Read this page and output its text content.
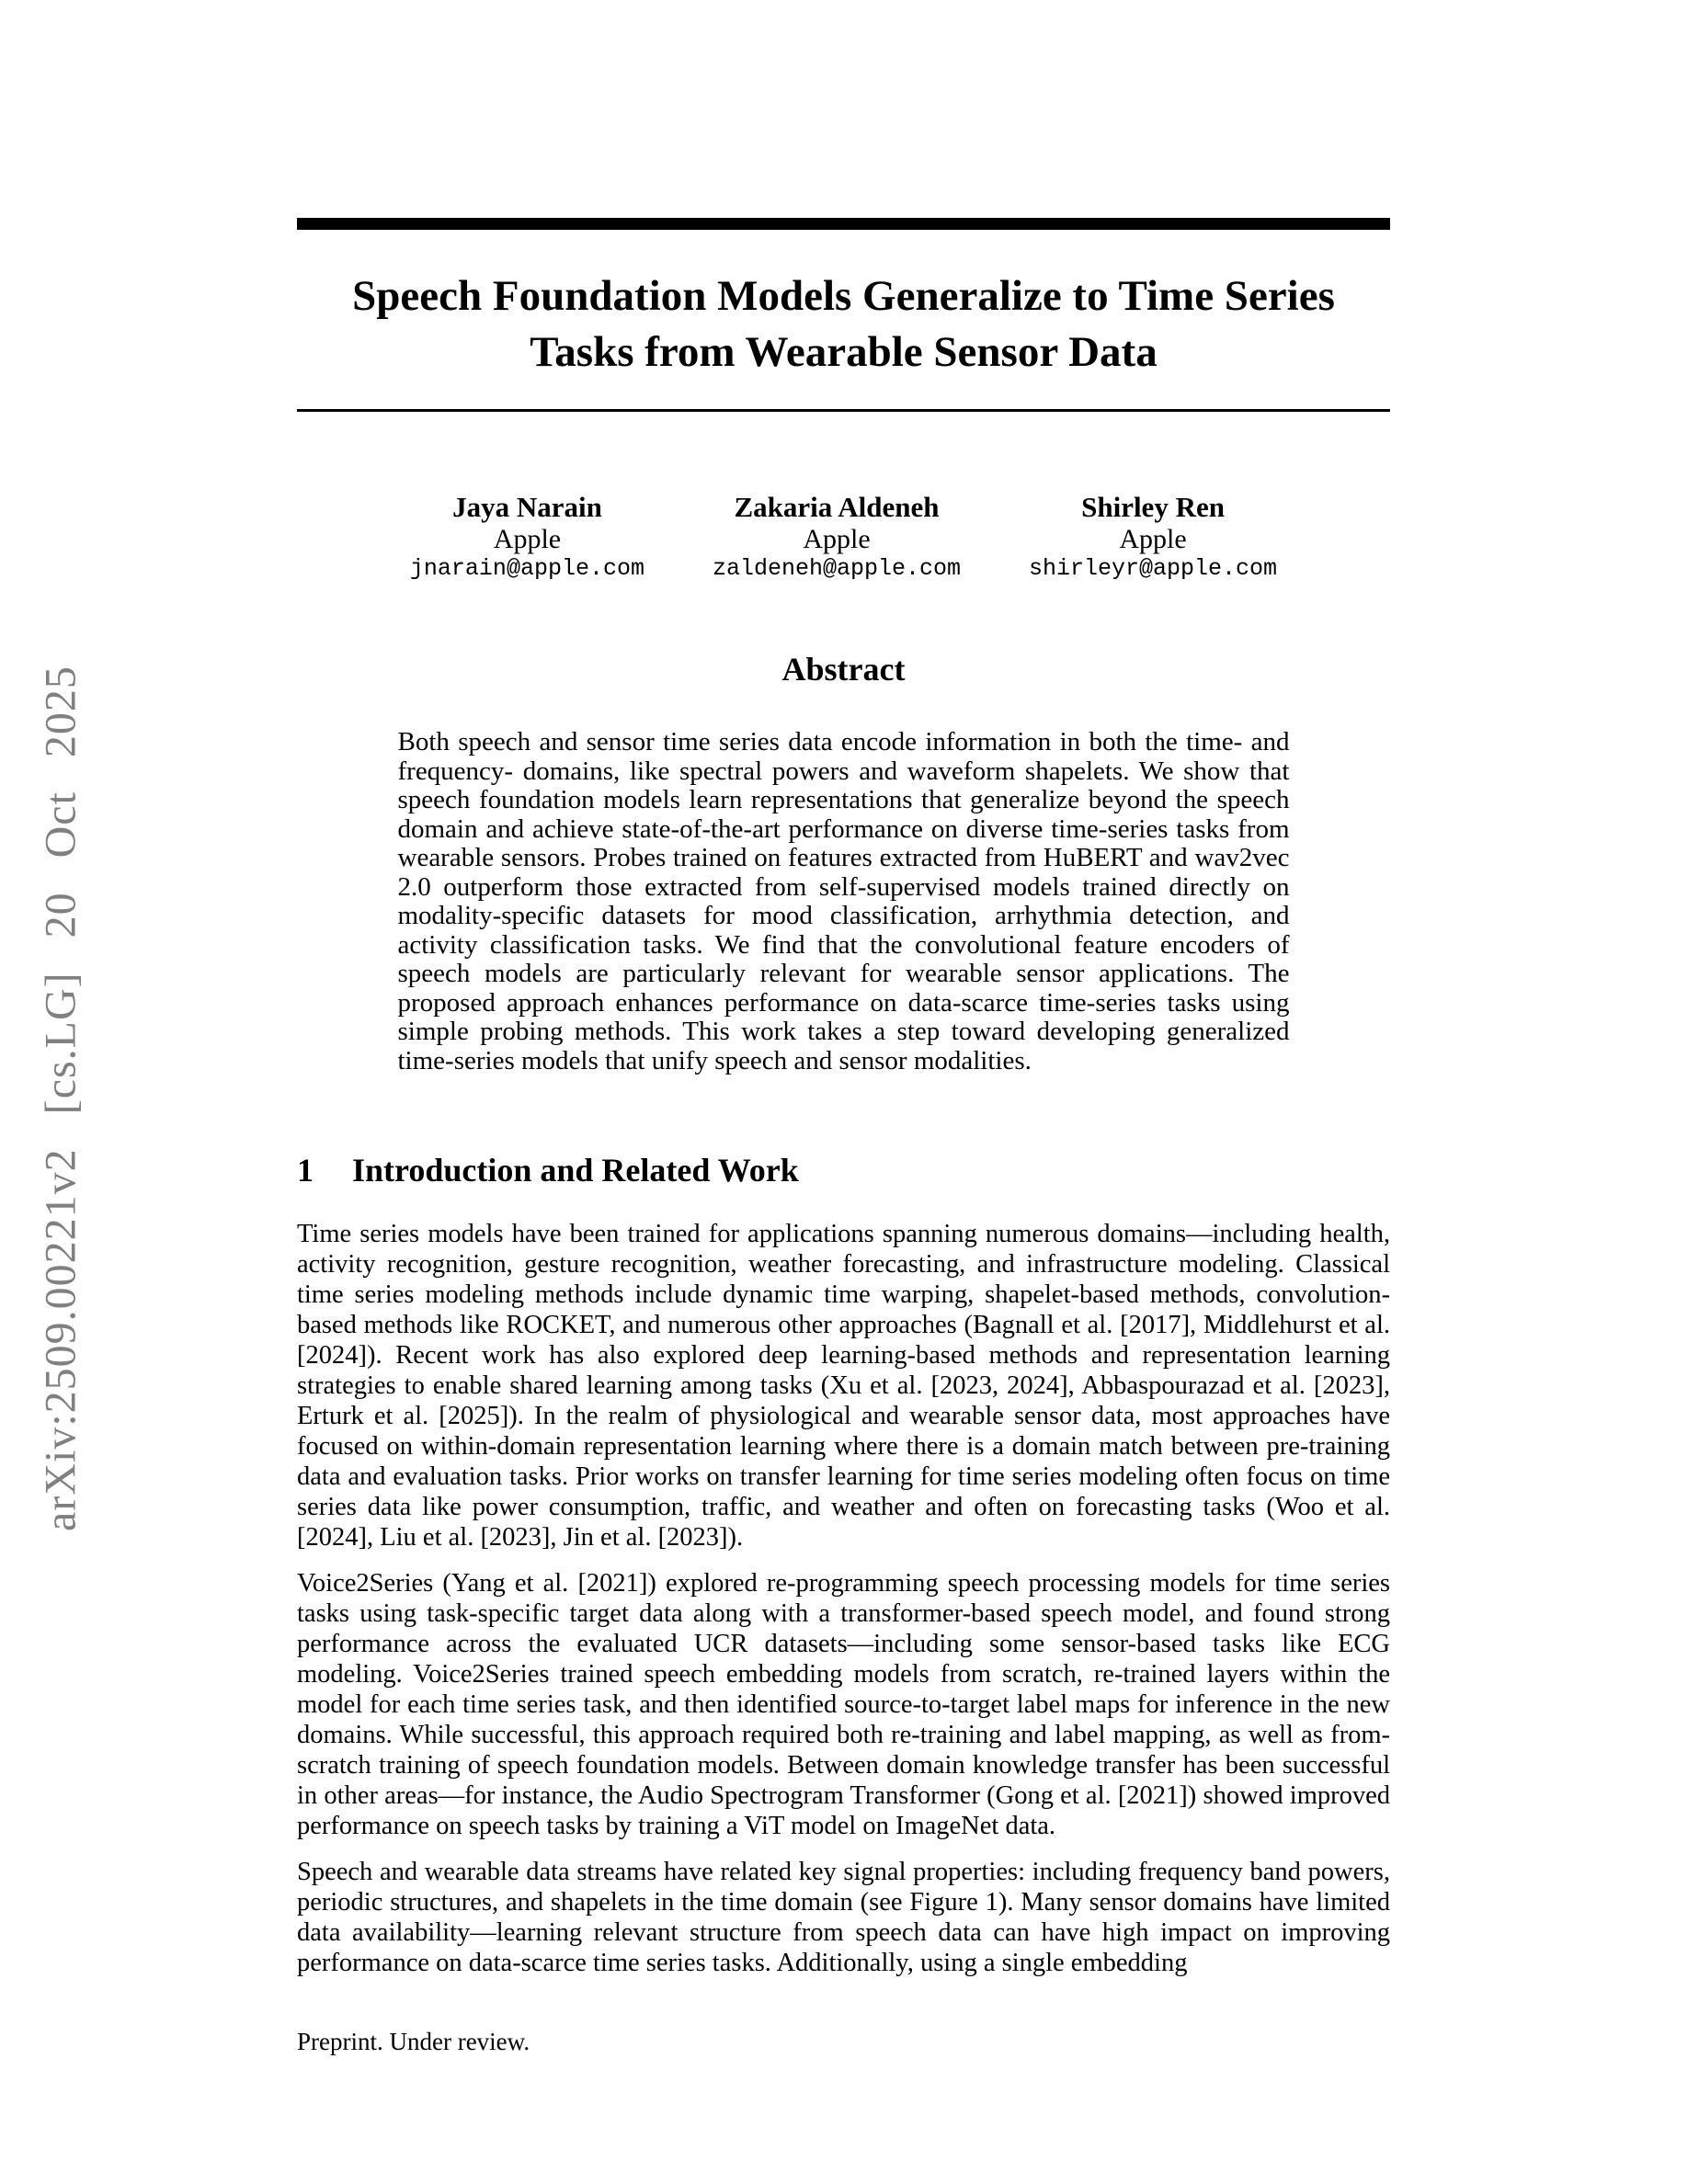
arXiv:2509.00221v2 [cs.LG] 20 Oct 2025
Speech Foundation Models Generalize to Time Series
Tasks from Wearable Sensor Data
Jaya Narain
Apple
jnarain@apple.com
Zakaria Aldeneh
Apple
zaldeneh@apple.com
Shirley Ren
Apple
shirleyr@apple.com
Abstract
Both speech and sensor time series data encode information in both the time- and frequency- domains, like spectral powers and waveform shapelets. We show that speech foundation models learn representations that generalize beyond the speech domain and achieve state-of-the-art performance on diverse time-series tasks from wearable sensors. Probes trained on features extracted from HuBERT and wav2vec 2.0 outperform those extracted from self-supervised models trained directly on modality-specific datasets for mood classification, arrhythmia detection, and activity classification tasks. We find that the convolutional feature encoders of speech models are particularly relevant for wearable sensor applications. The proposed approach enhances performance on data-scarce time-series tasks using simple probing methods. This work takes a step toward developing generalized time-series models that unify speech and sensor modalities.
1 Introduction and Related Work

Time series models have been trained for applications spanning numerous domains—including health, activity recognition, gesture recognition, weather forecasting, and infrastructure modeling. Classical time series modeling methods include dynamic time warping, shapelet-based methods, convolution-based methods like ROCKET, and numerous other approaches (Bagnall et al. [2017], Middlehurst et al. [2024]). Recent work has also explored deep learning-based methods and representation learning strategies to enable shared learning among tasks (Xu et al. [2023, 2024], Abbaspourazad et al. [2023], Erturk et al. [2025]). In the realm of physiological and wearable sensor data, most approaches have focused on within-domain representation learning where there is a domain match between pre-training data and evaluation tasks. Prior works on transfer learning for time series modeling often focus on time series data like power consumption, traffic, and weather and often on forecasting tasks (Woo et al. [2024], Liu et al. [2023], Jin et al. [2023]).

Voice2Series (Yang et al. [2021]) explored re-programming speech processing models for time series tasks using task-specific target data along with a transformer-based speech model, and found strong performance across the evaluated UCR datasets—including some sensor-based tasks like ECG modeling. Voice2Series trained speech embedding models from scratch, re-trained layers within the model for each time series task, and then identified source-to-target label maps for inference in the new domains. While successful, this approach required both re-training and label mapping, as well as from-scratch training of speech foundation models. Between domain knowledge transfer has been successful in other areas—for instance, the Audio Spectrogram Transformer (Gong et al. [2021]) showed improved performance on speech tasks by training a ViT model on ImageNet data.

Speech and wearable data streams have related key signal properties: including frequency band powers, periodic structures, and shapelets in the time domain (see Figure 1). Many sensor domains have limited data availability—learning relevant structure from speech data can have high impact on improving performance on data-scarce time series tasks. Additionally, using a single embedding

Preprint. Under review.
